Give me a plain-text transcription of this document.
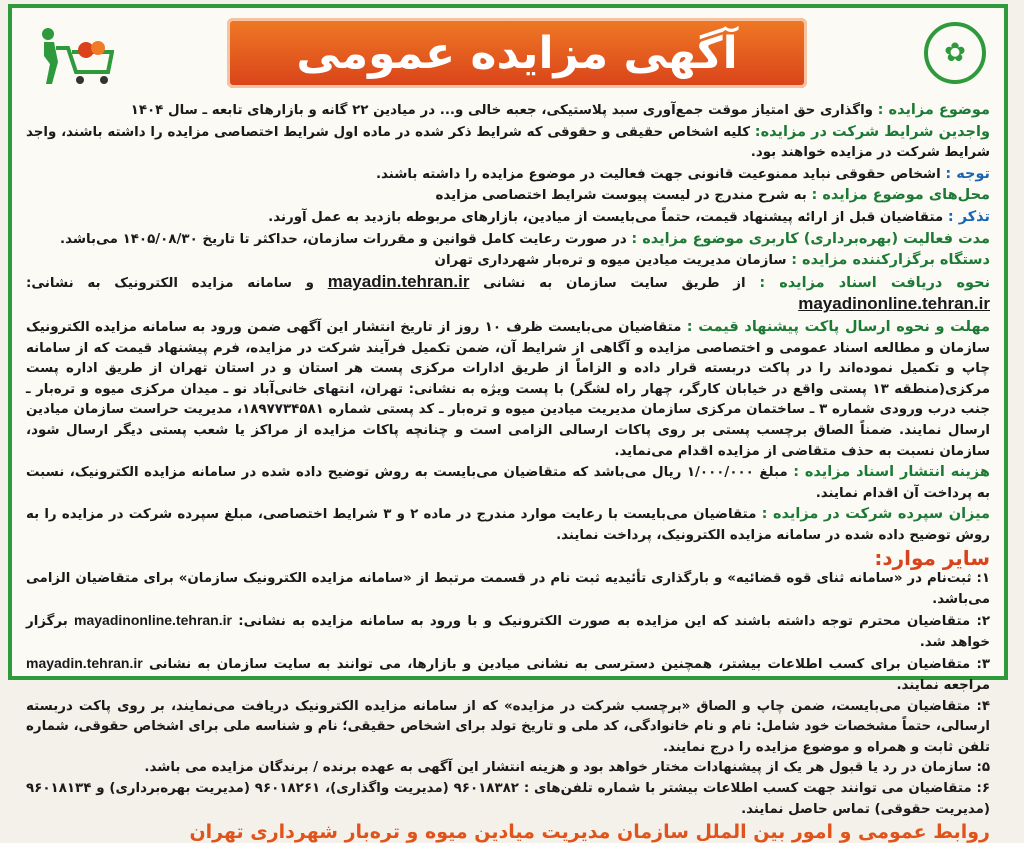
آگهی مزایده عمومی	✿

موضوع مزایده : واگذاری حق امتیاز موقت جمع‌آوری سبد پلاستیکی، جعبه خالی و... در میادین ۲۲ گانه و بازارهای تابعه ـ سال ۱۴۰۴

واجدین شرایط شرکت در مزایده: کلیه اشخاص حقیقی و حقوقی که شرایط ذکر شده در ماده اول شرایط اختصاصی مزایده را داشته باشند، واجد شرایط شرکت در مزایده خواهند بود.

توجه : اشخاص حقوقی نباید ممنوعیت قانونی جهت فعالیت در موضوع مزایده را داشته باشند.

محل‌های موضوع مزایده : به شرح مندرج در لیست پیوست شرایط اختصاصی مزایده

تذکر : متقاضیان قبل از ارائه پیشنهاد قیمت، حتماً می‌بایست از میادین، بازارهای مربوطه بازدید به عمل آورند.

مدت فعالیت (بهره‌برداری) کاربری موضوع مزایده : در صورت رعایت کامل قوانین و مقررات سازمان، حداکثر تا تاریخ ۱۴۰۵/۰۸/۳۰ می‌باشد.

دستگاه برگزارکننده مزایده : سازمان مدیریت میادین میوه و تره‌بار شهرداری تهران

نحوه دریافت اسناد مزایده : از طریق سایت سازمان به نشانی mayadin.tehran.ir و سامانه مزایده الکترونیک به نشانی: mayadinonline.tehran.ir

مهلت و نحوه ارسال پاکت پیشنهاد قیمت : متقاضیان می‌بایست ظرف ۱۰ روز از تاریخ انتشار این آگهی ضمن ورود به سامانه مزایده الکترونیک سازمان و مطالعه اسناد عمومی و اختصاصی مزایده و آگاهی از شرایط آن، ضمن تکمیل فرآیند شرکت در مزایده، فرم پیشنهاد قیمت که از سامانه چاپ و تکمیل نموده‌اند را در پاکت دربسته قرار داده و الزاماً از طریق ادارات مرکزی پست هر استان و در استان تهران از طریق اداره پست مرکزی(منطقه ۱۳ پستی واقع در خیابان کارگر، چهار راه لشگر) با پست ویژه به نشانی: تهران، انتهای خانی‌آباد نو ـ میدان مرکزی میوه و تره‌بار ـ جنب درب ورودی شماره ۳ ـ ساختمان مرکزی سازمان مدیریت میادین میوه و تره‌بار ـ کد پستی شماره ۱۸۹۷۷۳۴۵۸۱، مدیریت حراست سازمان میادین ارسال نمایند. ضمناً الصاق برچسب پستی بر روی پاکات ارسالی الزامی است و چنانچه پاکات مزایده از مراکز یا شعب پستی دیگر ارسال شود، سازمان نسبت به حذف متقاضی از مزایده اقدام می‌نماید.

هزینه انتشار اسناد مزایده : مبلغ ۱/۰۰۰/۰۰۰ ریال می‌باشد که متقاضیان می‌بایست به روش توضیح داده شده در سامانه مزایده الکترونیک، نسبت به پرداخت آن اقدام نمایند.

میزان سپرده شرکت در مزایده : متقاضیان می‌بایست با رعایت موارد مندرج در ماده ۲ و ۳ شرایط اختصاصی، مبلغ سپرده شرکت در مزایده را به روش توضیح داده شده در سامانه مزایده الکترونیک، پرداخت نمایند.

سایر موارد:

۱: ثبت‌نام در «سامانه ثنای قوه قضائیه» و بارگذاری تأئیدیه ثبت نام در قسمت مرتبط از «سامانه مزایده الکترونیک سازمان» برای متقاضیان الزامی می‌باشد.

۲: متقاضیان محترم توجه داشته باشند که این مزایده به صورت الکترونیک و با ورود به سامانه مزایده به نشانی: mayadinonline.tehran.ir برگزار خواهد شد.

۳: متقاضیان برای کسب اطلاعات بیشتر، همچنین دسترسی به نشانی میادین و بازارها، می توانند به سایت سازمان به نشانی mayadin.tehran.ir مراجعه نمایند.

۴: متقاضیان می‌بایست، ضمن چاپ و الصاق «برچسب شرکت در مزایده» که از سامانه مزایده الکترونیک دریافت می‌نمایند، بر روی پاکت دربسته ارسالی، حتماً مشخصات خود شامل: نام و نام خانوادگی، کد ملی و تاریخ تولد برای اشخاص حقیقی؛ نام و شناسه ملی برای اشخاص حقوقی، شماره تلفن ثابت و همراه و موضوع مزایده را درج نمایند.

۵: سازمان در رد یا قبول هر یک از پیشنهادات مختار خواهد بود و هزینه انتشار این آگهی به عهده برنده / برندگان مزایده می باشد.

۶: متقاضیان می توانند جهت کسب اطلاعات بیشتر با شماره تلفن‌های : ۹۶۰۱۸۳۸۲ (مدیریت واگذاری)، ۹۶۰۱۸۲۶۱ (مدیریت بهره‌برداری) و ۹۶۰۱۸۱۳۴ (مدیریت حقوقی) تماس حاصل نمایند.

روابط عمومی و امور بین الملل سازمان مدیریت میادین میوه و تره‌بار شهرداری تهران
